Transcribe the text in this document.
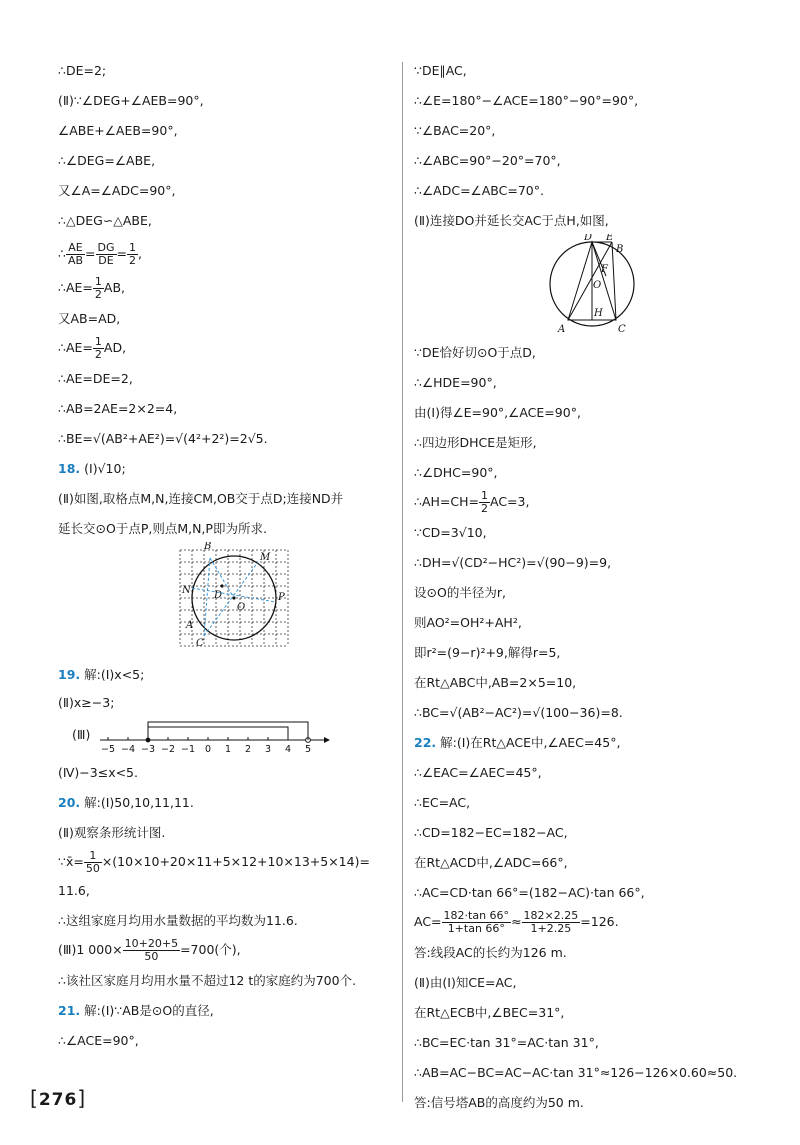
∴DE=2;

(Ⅱ)∵∠DEG+∠AEB=90°,

∠ABE+∠AEB=90°,

∴∠DEG=∠ABE,

又∠A=∠ADC=90°,

∴△DEG∽△ABE,

∴ $\frac{AE}{AB} = \frac{DG}{DE} = \frac{1}{2}$ ,

∴AE= $\frac{1}{2}$ AB,

又AB=AD,

∴AE= $\frac{1}{2}$ AD,

∴AE=DE=2,

∴AB=2AE=2×2=4,

∴BE=√(AB²+AE²)=√(4²+2²)=2√5.

18. (Ⅰ)√10;

(Ⅱ)如图,取格点M,N,连接CM,OB交于点D;连接ND并

延长交⊙O于点P,则点M,N,P即为所求.

B
M
N D
O
P
A
C

19. 解:(Ⅰ)x<5;

(Ⅱ)x≥−3;

(Ⅲ)
−5 −4 −3 −2 −1 0 1 2 3 4 5

(Ⅳ)−3≤x<5.

20. 解:(Ⅰ)50,10,11,11.

(Ⅱ)观察条形统计图.

∵x̄= $\frac{1}{50} \times(10\times 10+20\times 11+5\times 12+10\times 13+5\times 14)=$

11.6,

∴这组家庭月均用水量数据的平均数为11.6.

(Ⅲ)1 $000\times \frac{10+20+5}{50} =700$(个),

∴该社区家庭月均用水量不超过12 t的家庭约为700个.

21. 解:(Ⅰ)∵AB是⊙O的直径,

∴∠ACE=90°,

∵DE∥AC,

∴∠E=180°−∠ACE=180°−90°=90°,

∵∠BAC=20°,

∴∠ABC=90°−20°=70°,

∴∠ADC=∠ABC=70°.

(Ⅱ)连接DO并延长交AC于点H,如图,

D E
B
F
O
H
A	C

∵DE恰好切⊙O于点D,

∴∠HDE=90°,

由(Ⅰ)得∠E=90°,∠ACE=90°,

∴四边形DHCE是矩形,

∴∠DHC=90°,

∴AH=CH= $\frac{1}{2} AC=3$,

∵CD=3√10,

∴DH=√(CD²−HC²)=√(90−9)=9,

设⊙O的半径为r,

则AO²=OH²+AH²,

即r²=(9−r)²+9,解得r=5,

在Rt△ABC中,AB=2×5=10,

∴BC=√(AB²−AC²)=√(100−36)=8.

22. 解:(Ⅰ)在Rt△ACE中,∠AEC=45°,

∴∠EAC=∠AEC=45°,

∴EC=AC,

∴CD=182−EC=182−AC,

在Rt△ACD中,∠ADC=66°,

∴AC=CD·tan 66°=(182−AC)·tan 66°,

$AC= \frac{182\cdot\tan 66^\circ}{1+\tan 66^\circ} \approx \frac{182\times 2.25}{1+2.25} =126$.

答:线段AC的长约为126 m.

(Ⅱ)由(Ⅰ)知CE=AC,

在Rt△ECB中,∠BEC=31°,

∴BC=EC·tan 31°=AC·tan 31°,

∴AB=AC−BC=AC−AC·tan 31°≈126−126×0.60≈50.

答:信号塔AB的高度约为50 m.

[276]
